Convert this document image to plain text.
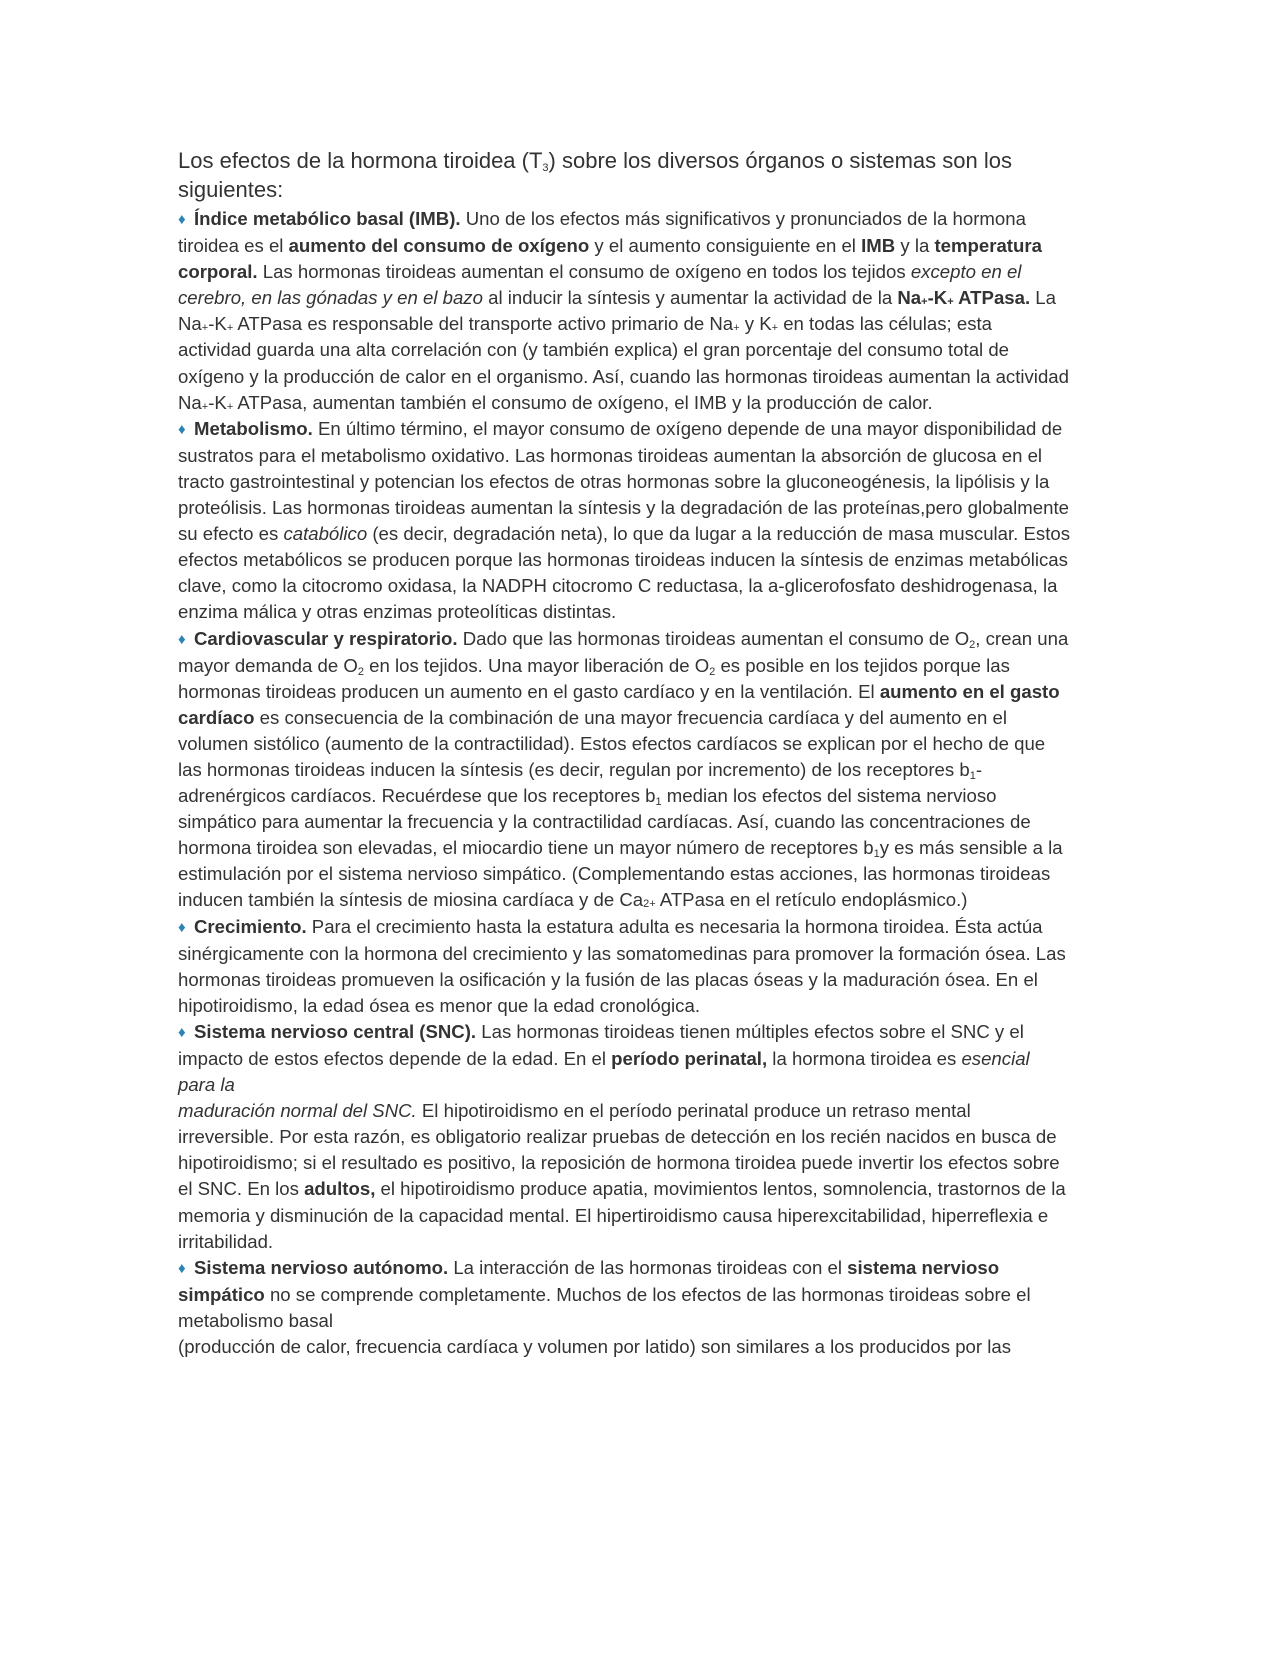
Los efectos de la hormona tiroidea $(T_3)$ sobre los diversos órganos o sistemas son los siguientes:

♦ Índice metabólico basal (IMB). Uno de los efectos más significativos y pronunciados de la hormona tiroidea es el aumento del consumo de oxígeno y el aumento consiguiente en el IMB y la temperatura corporal. Las hormonas tiroideas aumentan el consumo de oxígeno en todos los tejidos excepto en el cerebro, en las gónadas y en el bazo al inducir la síntesis y aumentar la actividad de la Na+-K+ ATPasa. La Na+-K+ ATPasa es responsable del transporte activo primario de Na+ y K+ en todas las células; esta actividad guarda una alta correlación con (y también explica) el gran porcentaje del consumo total de oxígeno y la producción de calor en el organismo. Así, cuando las hormonas tiroideas aumentan la actividad Na+-K+ ATPasa, aumentan también el consumo de oxígeno, el IMB y la producción de calor.

♦ Metabolismo. En último término, el mayor consumo de oxígeno depende de una mayor disponibilidad de sustratos para el metabolismo oxidativo. Las hormonas tiroideas aumentan la absorción de glucosa en el tracto gastrointestinal y potencian los efectos de otras hormonas sobre la gluconeogénesis, la lipólisis y la proteólisis. Las hormonas tiroideas aumentan la síntesis y la degradación de las proteínas,pero globalmente su efecto es catabólico (es decir, degradación neta), lo que da lugar a la reducción de masa muscular. Estos efectos metabólicos se producen porque las hormonas tiroideas inducen la síntesis de enzimas metabólicas clave, como la citocromo oxidasa, la NADPH citocromo C reductasa, la a-glicerofosfato deshidrogenasa, la enzima málica y otras enzimas proteolíticas distintas.

♦ Cardiovascular y respiratorio. Dado que las hormonas tiroideas aumentan el consumo de $O_2$, crean una mayor demanda de $O_2$ en los tejidos. Una mayor liberación de $O_2$ es posible en los tejidos porque las hormonas tiroideas producen un aumento en el gasto cardíaco y en la ventilación. El aumento en el gasto cardíaco es consecuencia de la combinación de una mayor frecuencia cardíaca y del aumento en el volumen sistólico (aumento de la contractilidad). Estos efectos cardíacos se explican por el hecho de que las hormonas tiroideas inducen la síntesis (es decir, regulan por incremento) de los receptores $b_1$-adrenérgicos cardíacos. Recuérdese que los receptores $b_1$ median los efectos del sistema nervioso simpático para aumentar la frecuencia y la contractilidad cardíacas. Así, cuando las concentraciones de hormona tiroidea son elevadas, el miocardio tiene un mayor número de receptores $b_1y$ es más sensible a la estimulación por el sistema nervioso simpático. (Complementando estas acciones, las hormonas tiroideas inducen también la síntesis de miosina cardíaca y de $Ca^{2+}$ ATPasa en el retículo endoplásmico.)

♦ Crecimiento. Para el crecimiento hasta la estatura adulta es necesaria la hormona tiroidea. Ésta actúa sinérgicamente con la hormona del crecimiento y las somatomedinas para promover la formación ósea. Las hormonas tiroideas promueven la osificación y la fusión de las placas óseas y la maduración ósea. En el hipotiroidismo, la edad ósea es menor que la edad cronológica.

♦ Sistema nervioso central (SNC). Las hormonas tiroideas tienen múltiples efectos sobre el SNC y el impacto de estos efectos depende de la edad. En el período perinatal, la hormona tiroidea es esencial para la
maduración normal del SNC. El hipotiroidismo en el período perinatal produce un retraso mental irreversible. Por esta razón, es obligatorio realizar pruebas de detección en los recién nacidos en busca de hipotiroidismo; si el resultado es positivo, la reposición de hormona tiroidea puede invertir los efectos sobre el SNC. En los adultos, el hipotiroidismo produce apatia, movimientos lentos, somnolencia, trastornos de la memoria y disminución de la capacidad mental. El hipertiroidismo causa hiperexcitabilidad, hiperreflexia e irritabilidad.

♦ Sistema nervioso autónomo. La interacción de las hormonas tiroideas con el sistema nervioso simpático no se comprende completamente. Muchos de los efectos de las hormonas tiroideas sobre el metabolismo basal
(producción de calor, frecuencia cardíaca y volumen por latido) son similares a los producidos por las
